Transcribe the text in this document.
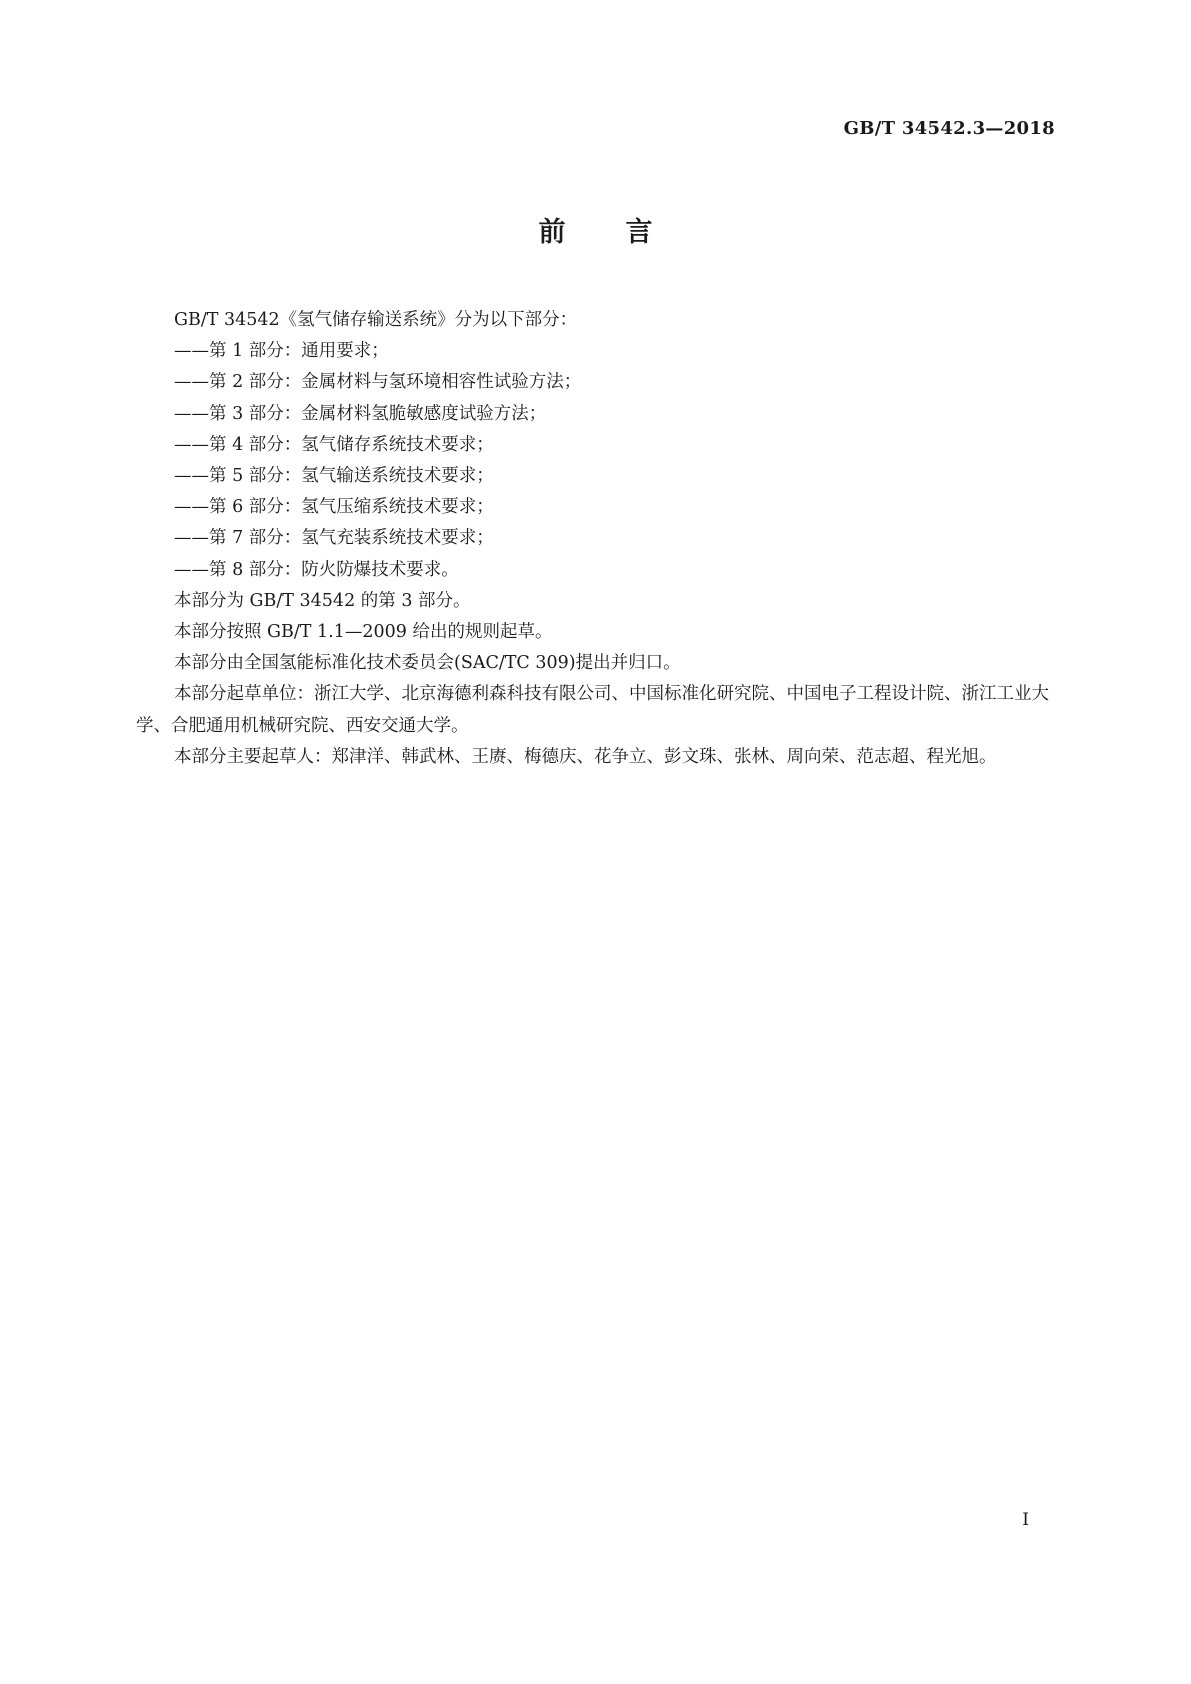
GB/T 34542.3—2018
前言

GB/T 34542《氢气储存输送系统》分为以下部分：

——第 1 部分：通用要求；

——第 2 部分：金属材料与氢环境相容性试验方法；

——第 3 部分：金属材料氢脆敏感度试验方法；

——第 4 部分：氢气储存系统技术要求；

——第 5 部分：氢气输送系统技术要求；

——第 6 部分：氢气压缩系统技术要求；

——第 7 部分：氢气充装系统技术要求；

——第 8 部分：防火防爆技术要求。

本部分为 GB/T 34542 的第 3 部分。

本部分按照 GB/T 1.1—2009 给出的规则起草。

本部分由全国氢能标准化技术委员会(SAC/TC 309)提出并归口。

本部分起草单位：浙江大学、北京海德利森科技有限公司、中国标准化研究院、中国电子工程设计院、浙江工业大学、合肥通用机械研究院、西安交通大学。

本部分主要起草人：郑津洋、韩武林、王赓、梅德庆、花争立、彭文珠、张林、周向荣、范志超、程光旭。

I
